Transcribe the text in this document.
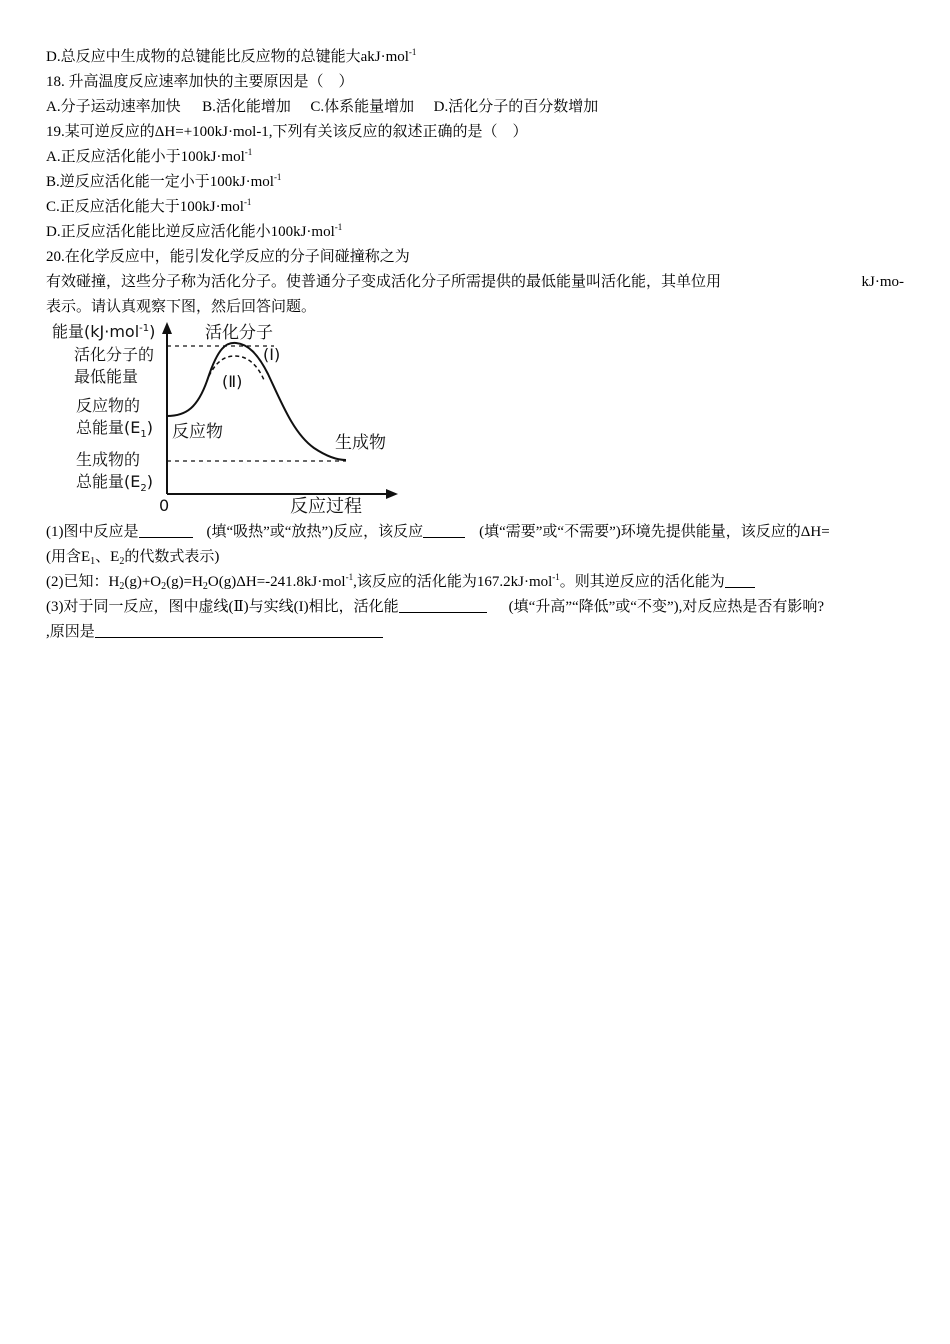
D.总反应中生成物的总键能比反应物的总键能大akJ·mol$^{-1}$
18. 升高温度反应速率加快的主要原因是（　）
A.分子运动速率加快 B.活化能增加 C.体系能量增加 D.活化分子的百分数增加
19.某可逆反应的ΔH=+100kJ·mol-1,下列有关该反应的叙述正确的是（　）
A.正反应活化能小于100kJ·mol$^{-1}$
B.逆反应活化能一定小于100kJ·mol$^{-1}$
C.正反应活化能大于100kJ·mol$^{-1}$
D.正反应活化能比逆反应活化能小100kJ·mol$^{-1}$
20.在化学反应中，能引发化学反应的分子间碰撞称之为
有效碰撞，这些分子称为活化分子。使普通分子变成活化分子所需提供的最低能量叫活化能，其单位用	kJ·mo-
表示。请认真观察下图，然后回答问题。
能量(kJ·mol$^{-1}$)	活化分子
(Ⅰ)
(Ⅱ)
活化分子的
最低能量
反应物的
总能量$(E_1)$
生成物的
总能量$(E_2)$
反应物
生成物
0	反应过程
(1)图中反应是	(填“吸热”或“放热”)反应，该反应	(填“需要”或“不需要”)环境先提供能量，该反应的ΔH=
(用含$E_1$、$E_2$的代数式表示)
(2)已知：$H_2(g)+O_2(g)=H_2O(g)\Delta H=-241.8kJ\cdot mol^{-1}$,该反应的活化能为167.2kJ·mol$^{-1}$。则其逆反应的活化能为
(3)对于同一反应，图中虚线(Ⅱ)与实线(I)相比，活化能	(填“升高”“降低”或“不变”),对反应热是否有影响?
,原因是
